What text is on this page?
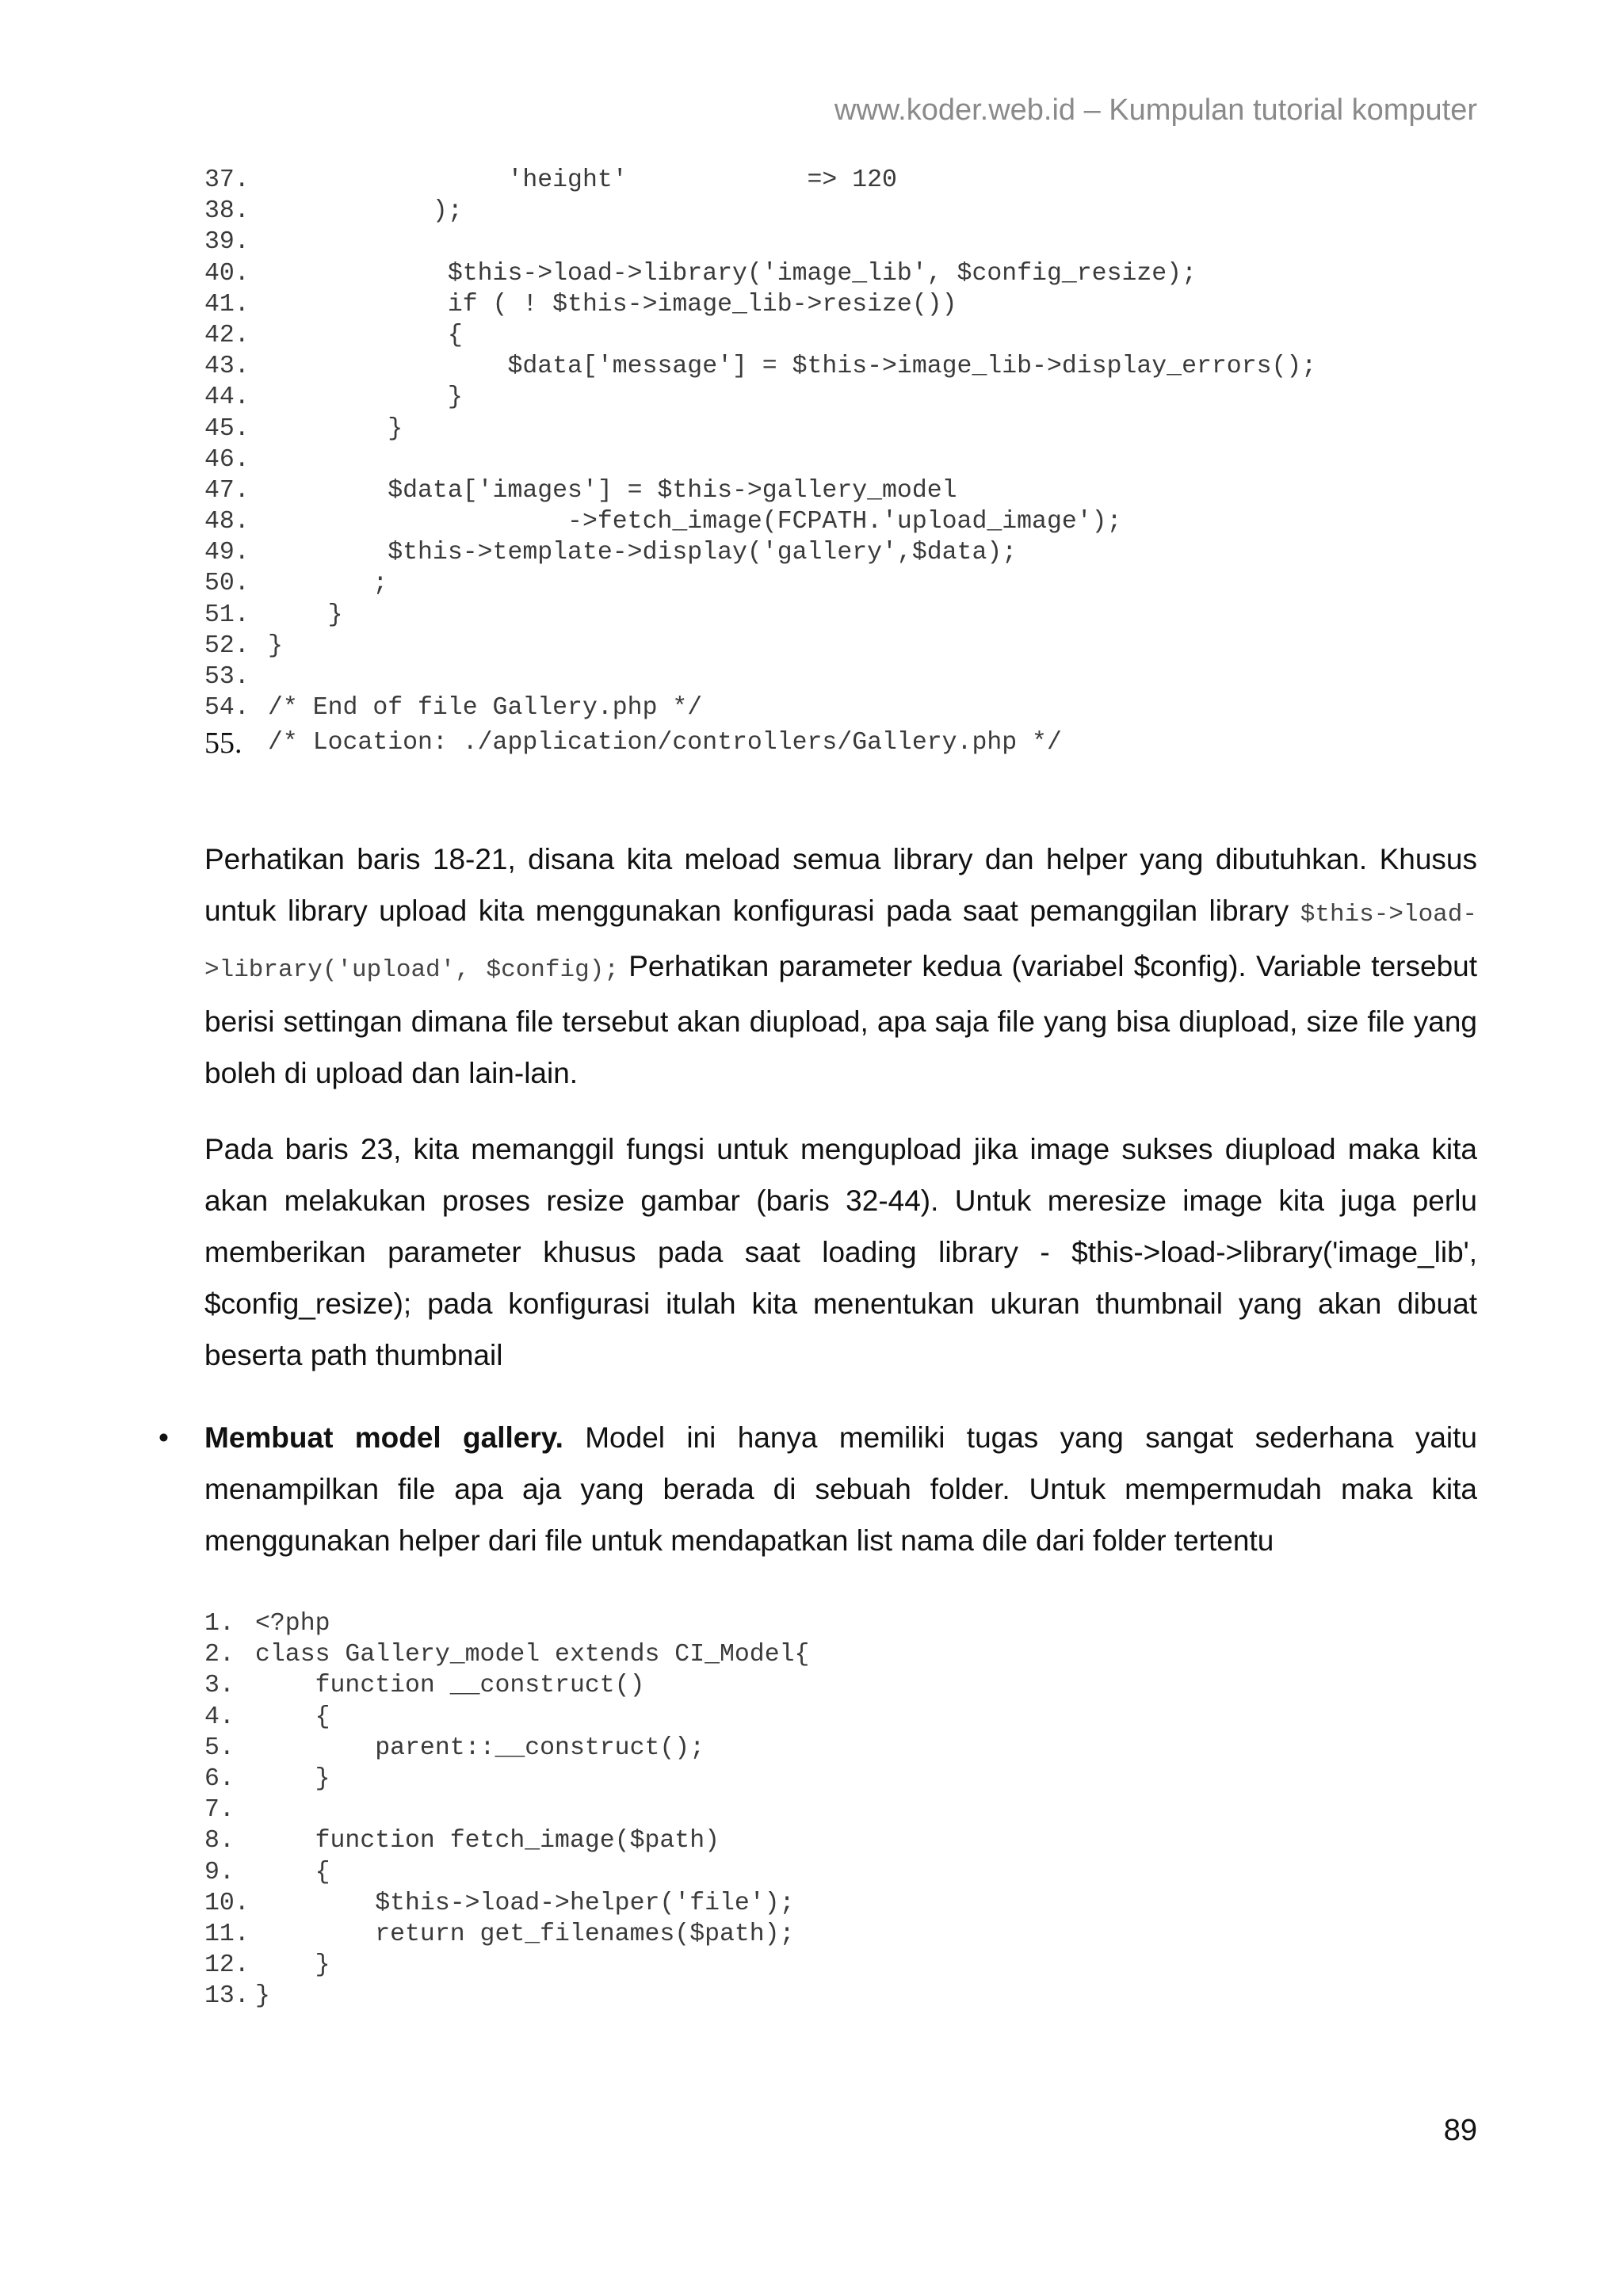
www.koder.web.id – Kumpulan tutorial komputer
37. 'height'            => 120
38. );
39.
40. $this->load->library('image_lib', $config_resize);
41. if ( ! $this->image_lib->resize())
42. {
43. $data['message'] = $this->image_lib->display_errors();
44. }
45. }
46.
47. $data['images'] = $this->gallery_model
48. ->fetch_image(FCPATH.'upload_image');
49. $this->template->display('gallery',$data);
50. ;
51. }
52. }
53.
54. /* End of file Gallery.php */
55.	/* Location: ./application/controllers/Gallery.php */

Perhatikan baris 18-21, disana kita meload semua library dan helper yang dibutuhkan. Khusus untuk library upload kita menggunakan konfigurasi pada saat pemanggilan library $this->load->library('upload', $config); Perhatikan parameter kedua (variabel $config). Variable tersebut berisi settingan dimana file tersebut akan diupload, apa saja file yang bisa diupload, size file yang boleh di upload dan lain-lain.

Pada baris 23, kita memanggil fungsi untuk mengupload jika image sukses diupload maka kita akan melakukan proses resize gambar (baris 32-44). Untuk meresize image kita juga perlu memberikan parameter khusus pada saat loading library - $this->load->library('image_lib', $config_resize); pada konfigurasi itulah kita menentukan ukuran thumbnail yang akan dibuat beserta path thumbnail

• Membuat model gallery. Model ini hanya memiliki tugas yang sangat sederhana yaitu menampilkan file apa aja yang berada di sebuah folder. Untuk mempermudah maka kita menggunakan helper dari file untuk mendapatkan list nama dile dari folder tertentu

1. <?php
2. class Gallery_model extends CI_Model{
3. function __construct()
4. {
5. parent::__construct();
6. }
7.
8. function fetch_image($path)
9. {
10. $this->load->helper('file');
11. return get_filenames($path);
12. }
13. }
89
